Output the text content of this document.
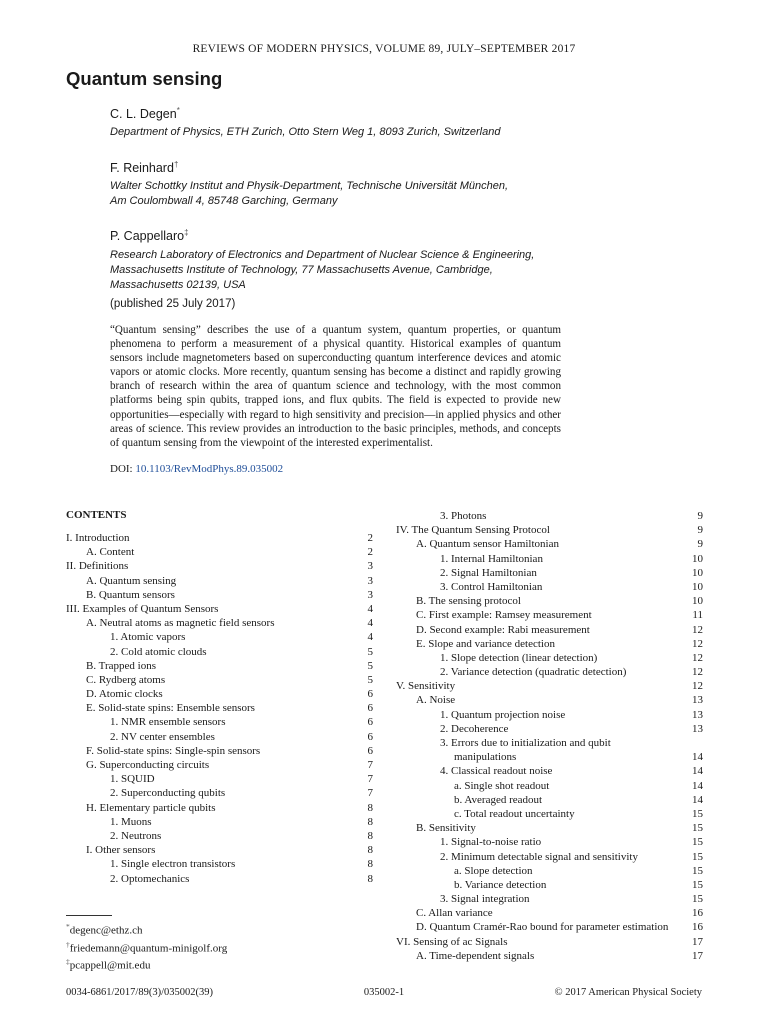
REVIEWS OF MODERN PHYSICS, VOLUME 89, JULY–SEPTEMBER 2017
Quantum sensing
C. L. Degen*
Department of Physics, ETH Zurich, Otto Stern Weg 1, 8093 Zurich, Switzerland
F. Reinhard†
Walter Schottky Institut and Physik-Department, Technische Universität München,
Am Coulombwall 4, 85748 Garching, Germany
P. Cappellaro‡
Research Laboratory of Electronics and Department of Nuclear Science & Engineering,
Massachusetts Institute of Technology, 77 Massachusetts Avenue, Cambridge,
Massachusetts 02139, USA
(published 25 July 2017)
“Quantum sensing” describes the use of a quantum system, quantum properties, or quantum phenomena to perform a measurement of a physical quantity. Historical examples of quantum sensors include magnetometers based on superconducting quantum interference devices and atomic vapors or atomic clocks. More recently, quantum sensing has become a distinct and rapidly growing branch of research within the area of quantum science and technology, with the most common platforms being spin qubits, trapped ions, and flux qubits. The field is expected to provide new opportunities—especially with regard to high sensitivity and precision—in applied physics and other areas of science. This review provides an introduction to the basic principles, methods, and concepts of quantum sensing from the viewpoint of the interested experimentalist.
DOI: 10.1103/RevModPhys.89.035002
CONTENTS
I. Introduction	2
A. Content	2
II. Definitions	3
A. Quantum sensing	3
B. Quantum sensors	3
III. Examples of Quantum Sensors	4
A. Neutral atoms as magnetic field sensors	4
1. Atomic vapors	4
2. Cold atomic clouds	5
B. Trapped ions	5
C. Rydberg atoms	5
D. Atomic clocks	6
E. Solid-state spins: Ensemble sensors	6
1. NMR ensemble sensors	6
2. NV center ensembles	6
F. Solid-state spins: Single-spin sensors	6
G. Superconducting circuits	7
1. SQUID	7
2. Superconducting qubits	7
H. Elementary particle qubits	8
1. Muons	8
2. Neutrons	8
I. Other sensors	8
1. Single electron transistors	8
2. Optomechanics	8
3. Photons	9
IV. The Quantum Sensing Protocol	9
A. Quantum sensor Hamiltonian	9
1. Internal Hamiltonian	10
2. Signal Hamiltonian	10
3. Control Hamiltonian	10
B. The sensing protocol	10
C. First example: Ramsey measurement	11
D. Second example: Rabi measurement	12
E. Slope and variance detection	12
1. Slope detection (linear detection)	12
2. Variance detection (quadratic detection)	12
V. Sensitivity	12
A. Noise	13
1. Quantum projection noise	13
2. Decoherence	13
3. Errors due to initialization and qubit
manipulations	14
4. Classical readout noise	14
a. Single shot readout	14
b. Averaged readout	14
c. Total readout uncertainty	15
B. Sensitivity	15
1. Signal-to-noise ratio	15
2. Minimum detectable signal and sensitivity	15
a. Slope detection	15
b. Variance detection	15
3. Signal integration	15
C. Allan variance	16
D. Quantum Cramér-Rao bound for parameter estimation 16
VI. Sensing of ac Signals	17
A. Time-dependent signals	17
*degenc@ethz.ch
†friedemann@quantum-minigolf.org
‡pcappell@mit.edu
0034-6861/2017/89(3)/035002(39)	035002-1	© 2017 American Physical Society
